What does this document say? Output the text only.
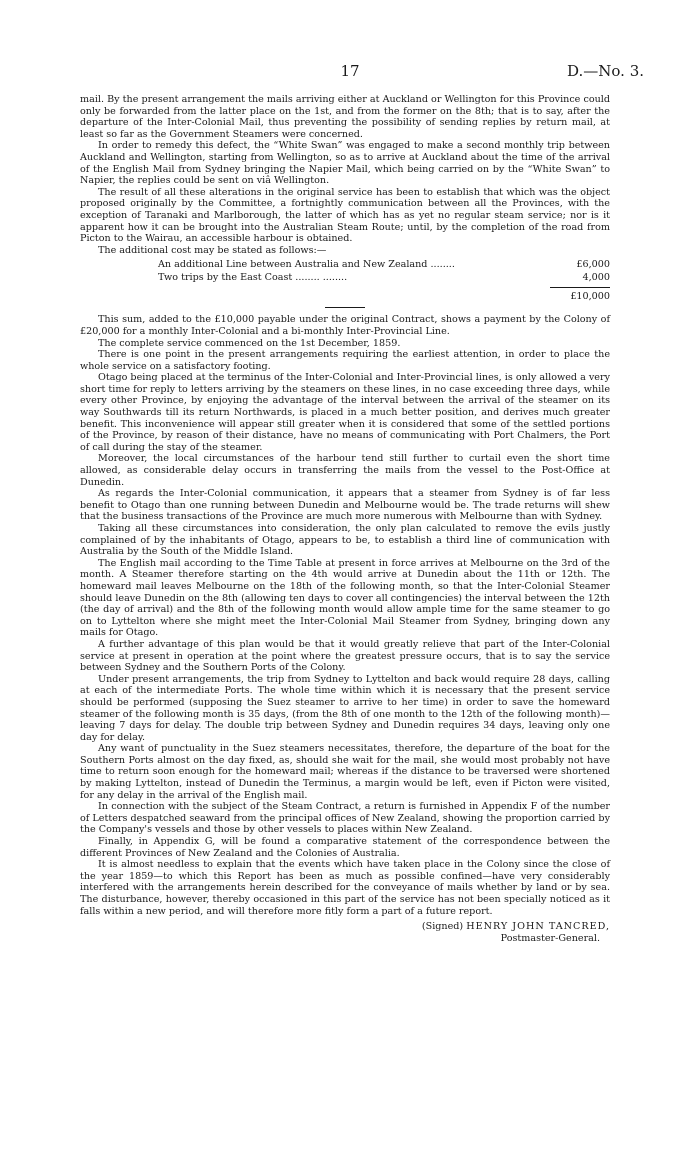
17	D.—No. 3.

mail. By the present arrangement the mails arriving either at Auckland or Wellington for this Province could only be forwarded from the latter place on the 1st, and from the former on the 8th; that is to say, after the departure of the Inter-Colonial Mail, thus preventing the possibility of sending replies by return mail, at least so far as the Government Steamers were concerned.

In order to remedy this defect, the “White Swan” was engaged to make a second monthly trip between Auckland and Wellington, starting from Wellington, so as to arrive at Auckland about the time of the arrival of the English Mail from Sydney bringing the Napier Mail, which being carried on by the “White Swan” to Napier, the replies could be sent on viâ Wellington.

The result of all these alterations in the original service has been to establish that which was the object proposed originally by the Committee, a fortnightly communication between all the Provinces, with the exception of Taranaki and Marlborough, the latter of which has as yet no regular steam service; nor is it apparent how it can be brought into the Australian Steam Route; until, by the completion of the road from Picton to the Wairau, an accessible harbour is obtained.

The additional cost may be stated as follows:—

An additional Line between Australia and New Zealand ........	£6,000
Two trips by the East Coast ........ ........	4,000
£10,000

This sum, added to the £10,000 payable under the original Contract, shows a payment by the Colony of £20,000 for a monthly Inter-Colonial and a bi-monthly Inter-Provincial Line.

The complete service commenced on the 1st December, 1859.

There is one point in the present arrangements requiring the earliest attention, in order to place the whole service on a satisfactory footing.

Otago being placed at the terminus of the Inter-Colonial and Inter-Provincial lines, is only allowed a very short time for reply to letters arriving by the steamers on these lines, in no case exceeding three days, while every other Province, by enjoying the advantage of the interval between the arrival of the steamer on its way Southwards till its return Northwards, is placed in a much better position, and derives much greater benefit. This inconvenience will appear still greater when it is considered that some of the settled portions of the Province, by reason of their distance, have no means of communicating with Port Chalmers, the Port of call during the stay of the steamer.

Moreover, the local circumstances of the harbour tend still further to curtail even the short time allowed, as considerable delay occurs in transferring the mails from the vessel to the Post-Office at Dunedin.

As regards the Inter-Colonial communication, it appears that a steamer from Sydney is of far less benefit to Otago than one running between Dunedin and Melbourne would be. The trade returns will shew that the business transactions of the Province are much more numerous with Melbourne than with Sydney.

Taking all these circumstances into consideration, the only plan calculated to remove the evils justly complained of by the inhabitants of Otago, appears to be, to establish a third line of communication with Australia by the South of the Middle Island.

The English mail according to the Time Table at present in force arrives at Melbourne on the 3rd of the month. A Steamer therefore starting on the 4th would arrive at Dunedin about the 11th or 12th. The homeward mail leaves Melbourne on the 18th of the following month, so that the Inter-Colonial Steamer should leave Dunedin on the 8th (allowing ten days to cover all contingencies) the interval between the 12th (the day of arrival) and the 8th of the following month would allow ample time for the same steamer to go on to Lyttelton where she might meet the Inter-Colonial Mail Steamer from Sydney, bringing down any mails for Otago.

A further advantage of this plan would be that it would greatly relieve that part of the Inter-Colonial service at present in operation at the point where the greatest pressure occurs, that is to say the service between Sydney and the Southern Ports of the Colony.

Under present arrangements, the trip from Sydney to Lyttelton and back would require 28 days, calling at each of the intermediate Ports. The whole time within which it is necessary that the present service should be performed (supposing the Suez steamer to arrive to her time) in order to save the homeward steamer of the following month is 35 days, (from the 8th of one month to the 12th of the following month)—leaving 7 days for delay. The double trip between Sydney and Dunedin requires 34 days, leaving only one day for delay.

Any want of punctuality in the Suez steamers necessitates, therefore, the departure of the boat for the Southern Ports almost on the day fixed, as, should she wait for the mail, she would most probably not have time to return soon enough for the homeward mail; whereas if the distance to be traversed were shortened by making Lyttelton, instead of Dunedin the Terminus, a margin would be left, even if Picton were visited, for any delay in the arrival of the English mail.

In connection with the subject of the Steam Contract, a return is furnished in Appendix F of the number of Letters despatched seaward from the principal offices of New Zealand, showing the proportion carried by the Company's vessels and those by other vessels to places within New Zealand.

Finally, in Appendix G, will be found a comparative statement of the correspondence between the different Provinces of New Zealand and the Colonies of Australia.

It is almost needless to explain that the events which have taken place in the Colony since the close of the year 1859—to which this Report has been as much as possible confined—have very considerably interfered with the arrangements herein described for the conveyance of mails whether by land or by sea. The disturbance, however, thereby occasioned in this part of the service has not been specially noticed as it falls within a new period, and will therefore more fitly form a part of a future report.

(Signed) HENRY JOHN TANCRED,
Postmaster-General.
